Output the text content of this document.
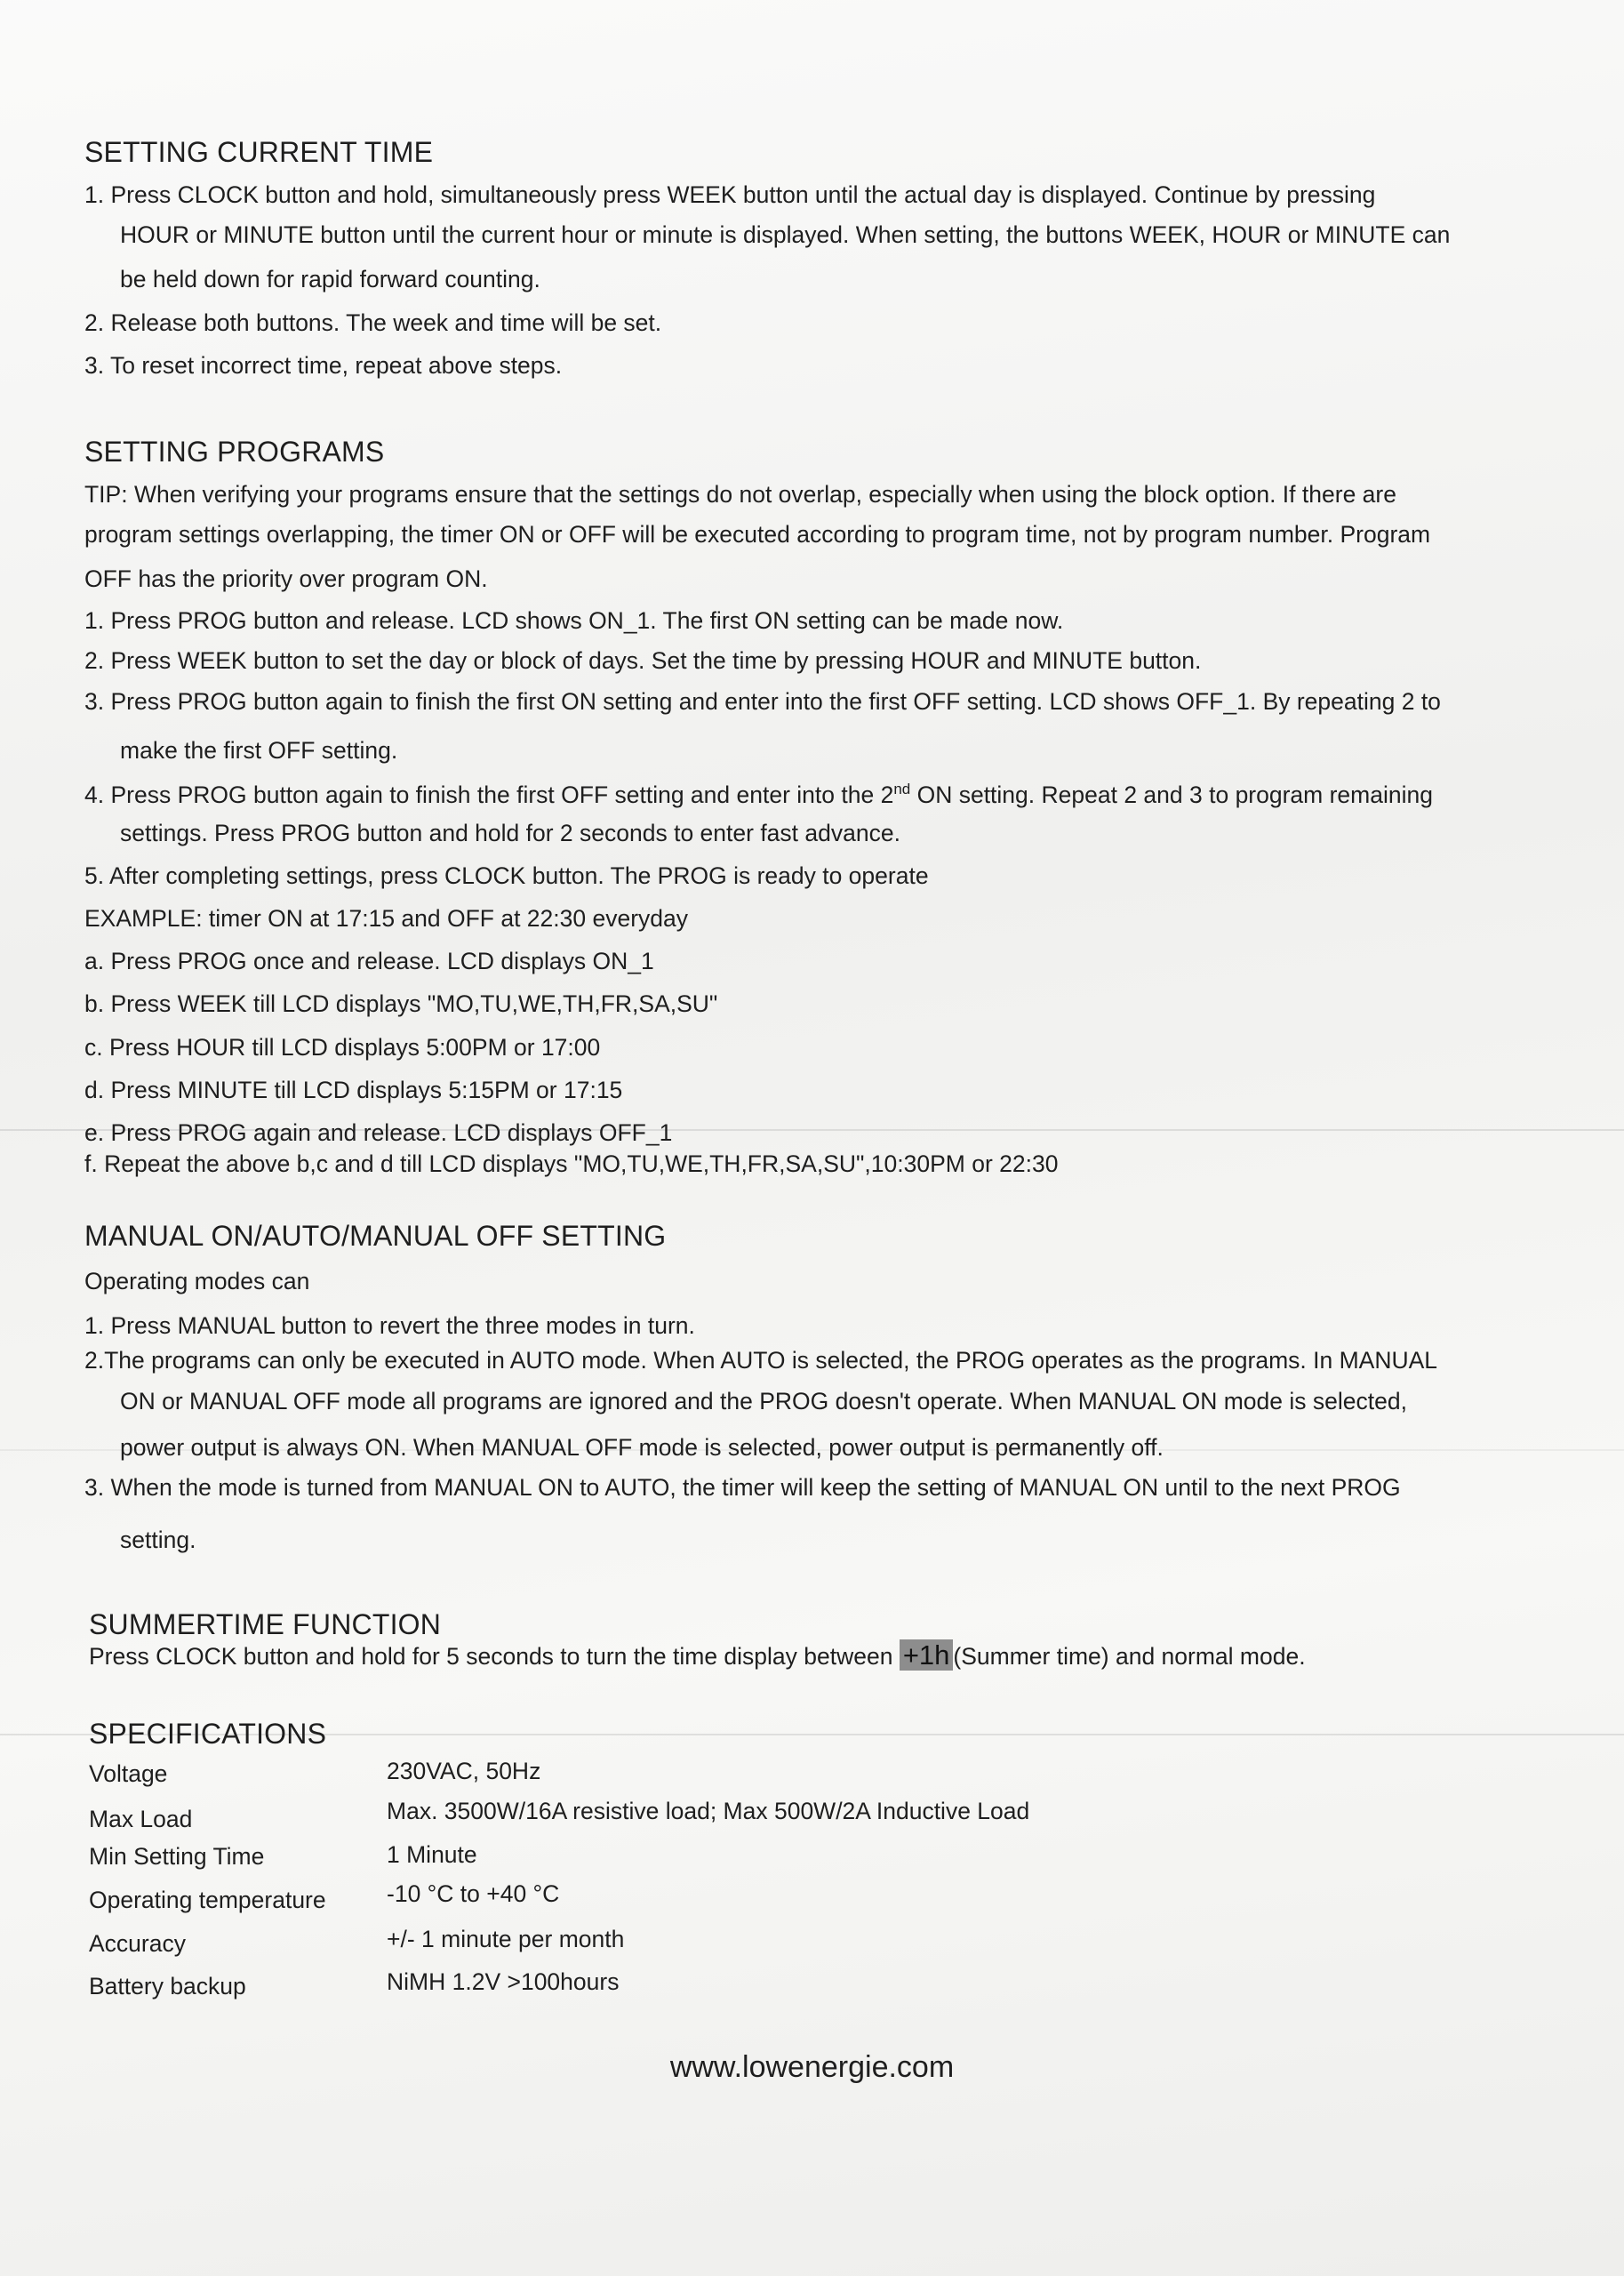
SETTING CURRENT TIME

1. Press CLOCK button and hold, simultaneously press WEEK button until the actual day is displayed. Continue by pressing

HOUR or MINUTE button until the current hour or minute is displayed. When setting, the buttons WEEK, HOUR or MINUTE can

be held down for rapid forward counting.

2. Release both buttons. The week and time will be set.

3. To reset incorrect time, repeat above steps.

SETTING PROGRAMS

TIP: When verifying your programs ensure that the settings do not overlap, especially when using the block option. If there are

program settings overlapping, the timer ON or OFF will be executed according to program time, not by program number. Program

OFF has the priority over program ON.

1. Press PROG button and release. LCD shows ON_1. The first ON setting can be made now.

2. Press WEEK button to set the day or block of days. Set the time by pressing HOUR and MINUTE button.

3. Press PROG button again to finish the first ON setting and enter into the first OFF setting. LCD shows OFF_1. By repeating 2 to

make the first OFF setting.

4. Press PROG button again to finish the first OFF setting and enter into the 2nd ON setting. Repeat 2 and 3 to program remaining

settings. Press PROG button and hold for 2 seconds to enter fast advance.

5. After completing settings, press CLOCK button. The PROG is ready to operate

EXAMPLE: timer ON at 17:15 and OFF at 22:30 everyday

a. Press PROG once and release. LCD displays ON_1

b. Press WEEK till LCD displays "MO,TU,WE,TH,FR,SA,SU"

c. Press HOUR till LCD displays 5:00PM or 17:00

d. Press MINUTE till LCD displays 5:15PM or 17:15

e. Press PROG again and release. LCD displays OFF_1

f. Repeat the above b,c and d till LCD displays "MO,TU,WE,TH,FR,SA,SU",10:30PM or 22:30

MANUAL ON/AUTO/MANUAL OFF SETTING

Operating modes can

1. Press MANUAL button to revert the three modes in turn.

2.The programs can only be executed in AUTO mode. When AUTO is selected, the PROG operates as the programs. In MANUAL

ON or MANUAL OFF mode all programs are ignored and the PROG doesn't operate. When MANUAL ON mode is selected,

power output is always ON. When MANUAL OFF mode is selected, power output is permanently off.

3. When the mode is turned from MANUAL ON to AUTO, the timer will keep the setting of MANUAL ON until to the next PROG

setting.

SUMMERTIME FUNCTION

Press CLOCK button and hold for 5 seconds to turn the time display between +1h (Summer time) and normal mode.

SPECIFICATIONS
Voltage	230VAC, 50Hz
Max Load	Max. 3500W/16A resistive load; Max 500W/2A Inductive Load
Min Setting Time	1 Minute
Operating temperature	-10 °C to +40 °C
Accuracy	+/- 1 minute per month
Battery backup	NiMH 1.2V >100hours
www.lowenergie.com
